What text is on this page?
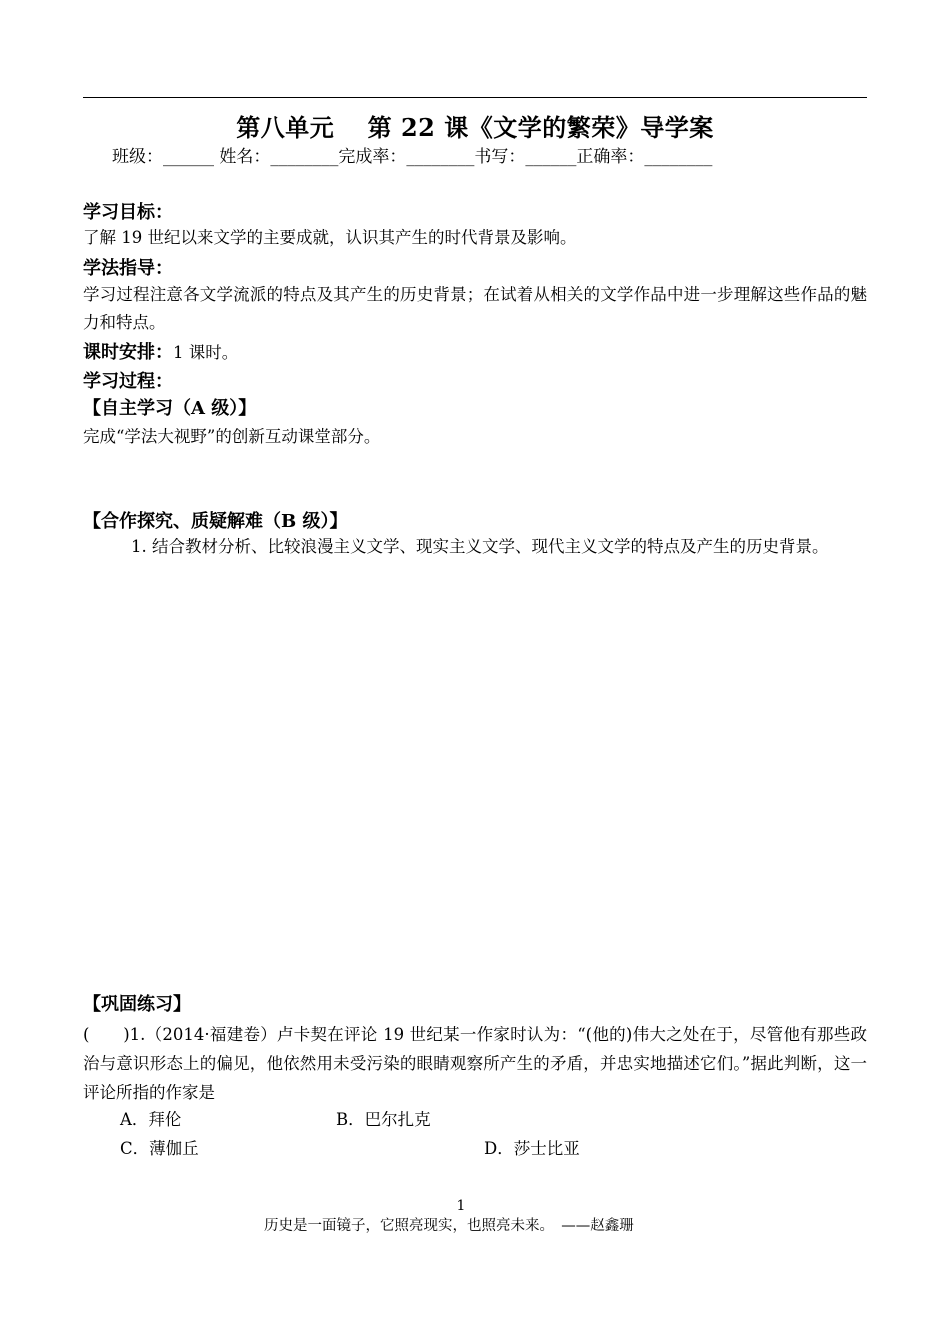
第八单元　 第 22 课《文学的繁荣》导学案
班级：______ 姓名：________完成率：________书写：______正确率：________
学习目标：
了解 19 世纪以来文学的主要成就，认识其产生的时代背景及影响。
学法指导：
学习过程注意各文学流派的特点及其产生的历史背景；在试着从相关的文学作品中进一步理解这些作品的魅力和特点。
课时安排：1 课时。
学习过程：
【自主学习（A 级）】
完成“学法大视野”的创新互动课堂部分。
【合作探究、质疑解难（B 级）】
1. 结合教材分析、比较浪漫主义文学、现实主义文学、现代主义文学的特点及产生的历史背景。
【巩固练习】
(　　)1.（2014·福建卷）卢卡契在评论 19 世纪某一作家时认为：“(他的)伟大之处在于，尽管他有那些政治与意识形态上的偏见，他依然用未受污染的眼睛观察所产生的矛盾，并忠实地描述它们。”据此判断，这一评论所指的作家是
A．拜伦	B．巴尔扎克
C．薄伽丘	D．莎士比亚
1
历史是一面镜子，它照亮现实，也照亮未来。　——赵鑫珊
